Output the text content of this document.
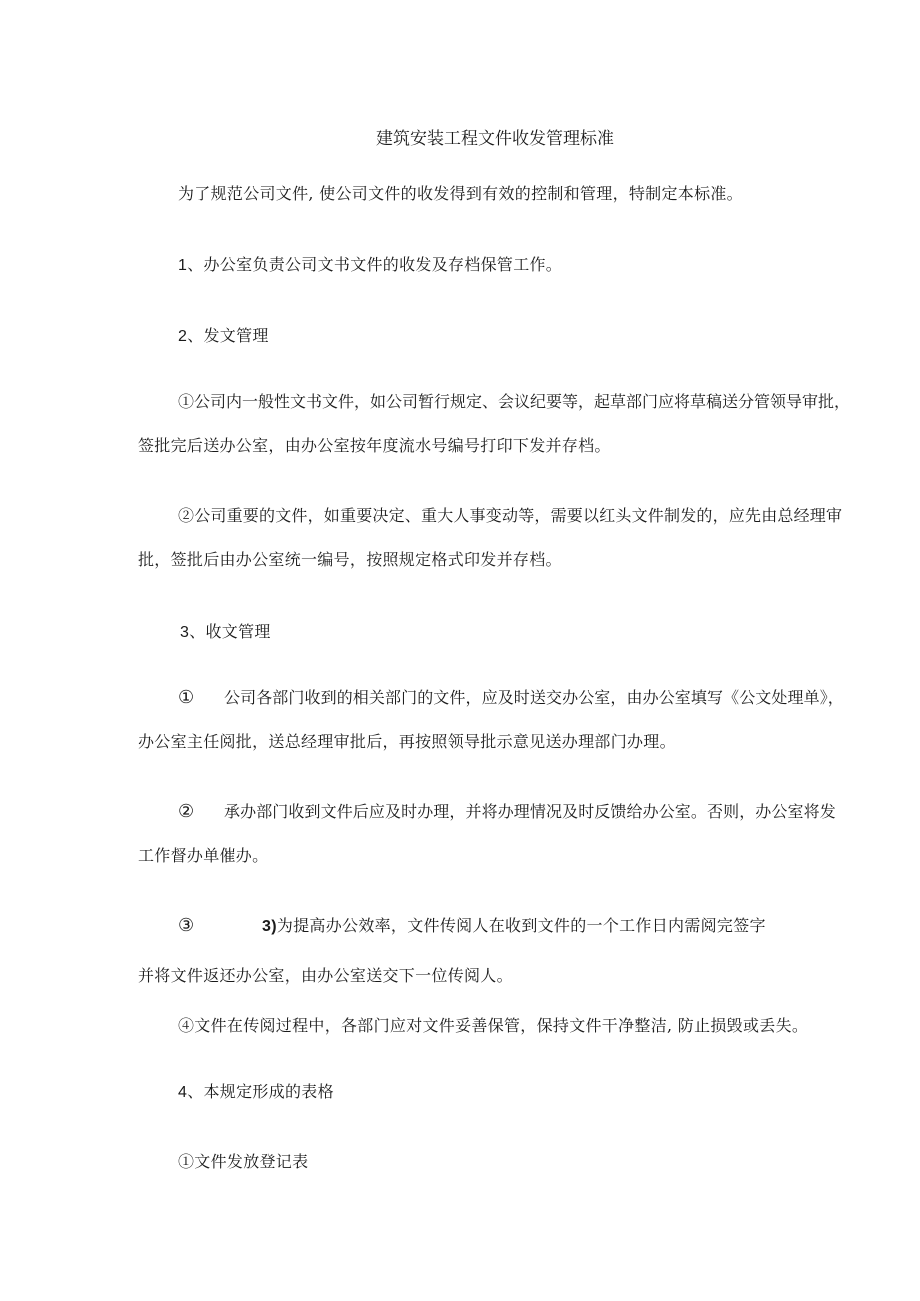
建筑安装工程文件收发管理标准
为了规范公司文件, 使公司文件的收发得到有效的控制和管理，特制定本标准。
1、办公室负责公司文书文件的收发及存档保管工作。
2、发文管理
①公司内一般性文书文件，如公司暂行规定、会议纪要等，起草部门应将草稿送分管领导审批，
签批完后送办公室，由办公室按年度流水号编号打印下发并存档。
②公司重要的文件，如重要决定、重大人事变动等，需要以红头文件制发的，应先由总经理审
批，签批后由办公室统一编号，按照规定格式印发并存档。
3、收文管理
① 公司各部门收到的相关部门的文件，应及时送交办公室，由办公室填写《公文处理单》，
办公室主任阅批，送总经理审批后，再按照领导批示意见送办理部门办理。
② 承办部门收到文件后应及时办理，并将办理情况及时反馈给办公室。否则，办公室将发
工作督办单催办。
③	3)为提高办公效率，文件传阅人在收到文件的一个工作日内需阅完签字
并将文件返还办公室，由办公室送交下一位传阅人。
④文件在传阅过程中，各部门应对文件妥善保管，保持文件干净整洁, 防止损毁或丢失。
4、本规定形成的表格
①文件发放登记表
